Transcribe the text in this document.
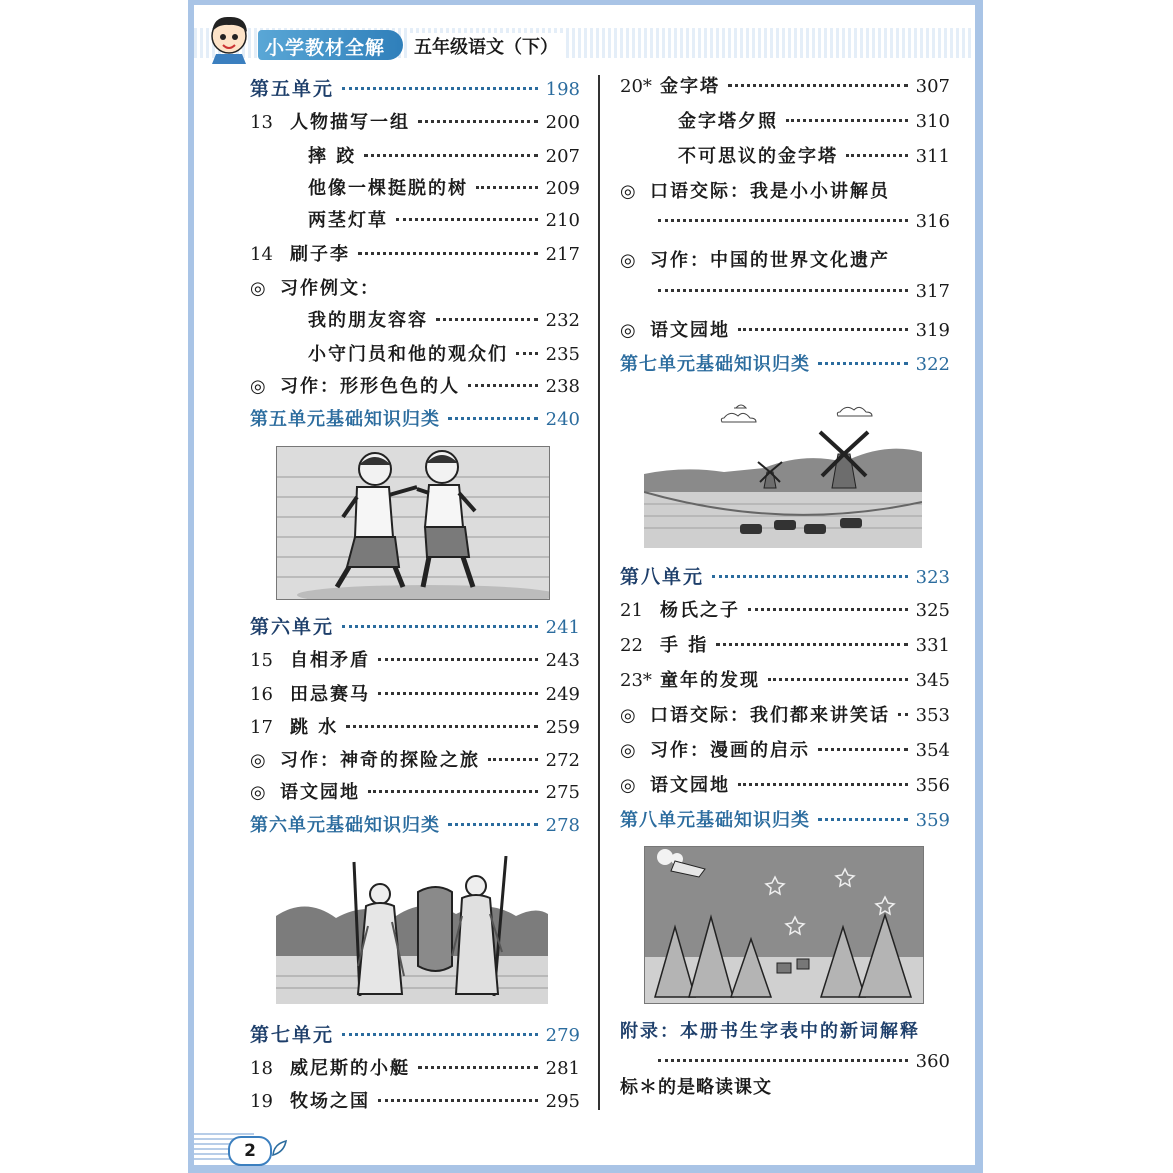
小学教材全解	五年级语文（下）
2
第五单元	198
13 人物描写一组	200
摔 跤	207
他像一棵挺脱的树	209
两茎灯草	210
14 刷子李	217
◎ 习作例文：
我的朋友容容	232
小守门员和他的观众们 235
◎ 习作：形形色色的人	238
第五单元基础知识归类	240
第六单元	241
15 自相矛盾	243
16 田忌赛马	249
17 跳 水	259
◎ 习作：神奇的探险之旅	272
◎ 语文园地	275
第六单元基础知识归类	278
第七单元	279
18 威尼斯的小艇	281
19 牧场之国	295
20* 金字塔	307
金字塔夕照	310
不可思议的金字塔	311
◎ 口语交际：我是小小讲解员
316
◎ 习作：中国的世界文化遗产
317
◎ 语文园地	319
第七单元基础知识归类	322
第八单元	323
21 杨氏之子	325
22 手 指	331
23* 童年的发现	345
◎ 口语交际：我们都来讲笑话 353
◎ 习作：漫画的启示	354
◎ 语文园地	356
第八单元基础知识归类	359
附录：本册书生字表中的新词解释
360
标＊的是略读课文
